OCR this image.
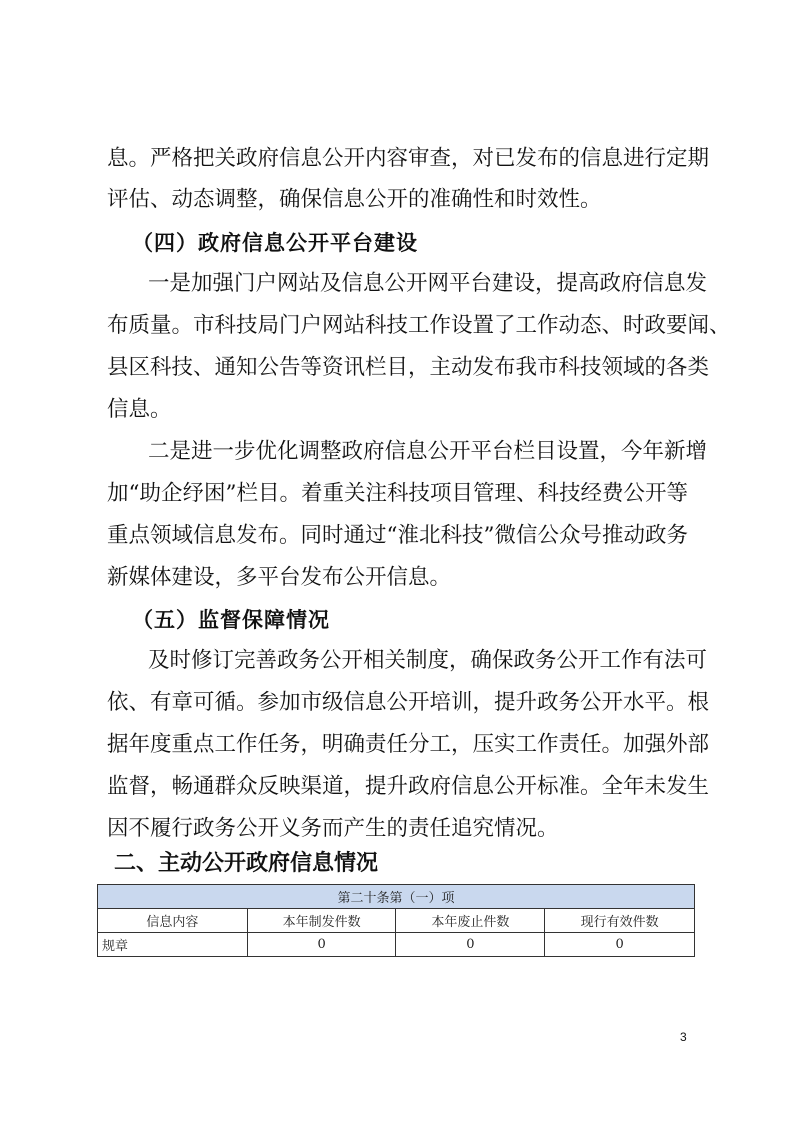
息。严格把关政府信息公开内容审查，对已发布的信息进行定期
评估、动态调整，确保信息公开的准确性和时效性。
（四）政府信息公开平台建设
一是加强门户网站及信息公开网平台建设，提高政府信息发
布质量。市科技局门户网站科技工作设置了工作动态、时政要闻、
县区科技、通知公告等资讯栏目，主动发布我市科技领域的各类
信息。
二是进一步优化调整政府信息公开平台栏目设置，今年新增
加“助企纾困”栏目。着重关注科技项目管理、科技经费公开等
重点领域信息发布。同时通过“淮北科技”微信公众号推动政务
新媒体建设，多平台发布公开信息。
（五）监督保障情况
及时修订完善政务公开相关制度，确保政务公开工作有法可
依、有章可循。参加市级信息公开培训，提升政务公开水平。根
据年度重点工作任务，明确责任分工，压实工作责任。加强外部
监督，畅通群众反映渠道，提升政府信息公开标准。全年未发生
因不履行政务公开义务而产生的责任追究情况。
二、主动公开政府信息情况
第二十条第（一）项			
信息内容	本年制发件数	本年废止件数	现行有效件数
规章	0	0	0
3
